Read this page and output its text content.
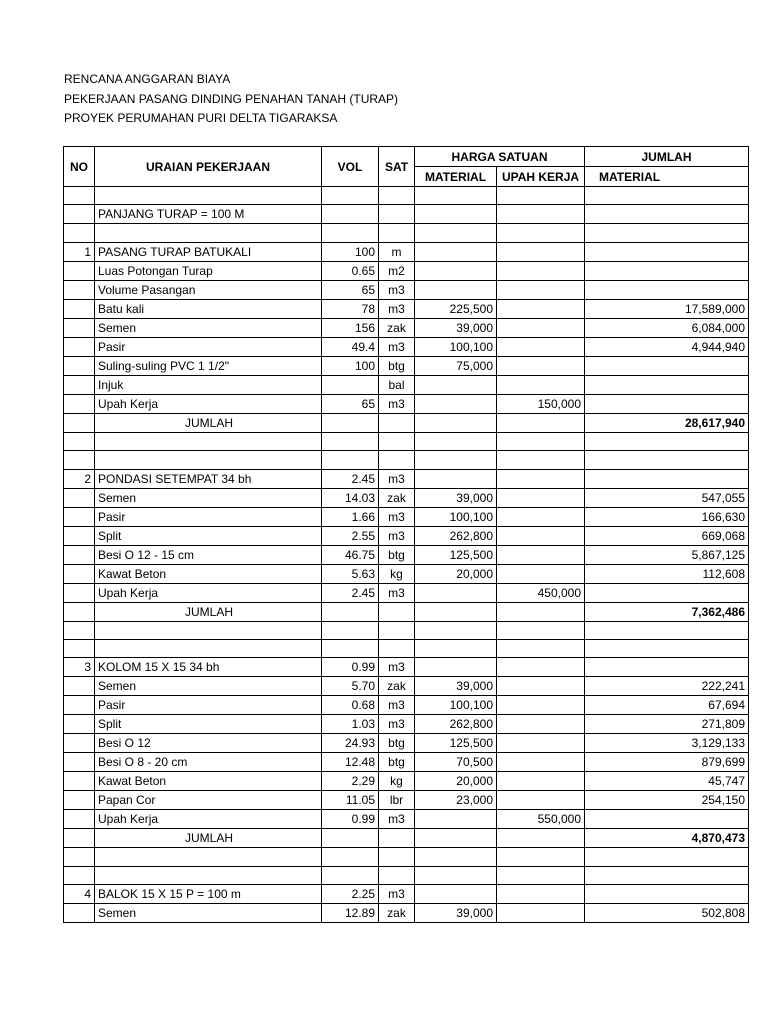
RENCANA ANGGARAN BIAYA
PEKERJAAN PASANG DINDING PENAHAN TANAH (TURAP)
PROYEK PERUMAHAN PURI DELTA TIGARAKSA
NO	URAIAN PEKERJAAN	VOL	SAT	HARGA SATUAN		JUMLAH
				MATERIAL	UPAH KERJA	MATERIAL

	PANJANG TURAP = 100 M					

1	PASANG TURAP BATUKALI	100	m			
	Luas Potongan Turap	0.65	m2			
	Volume Pasangan	65	m3			
	Batu kali	78	m3	225,500		17,589,000
	Semen	156	zak	39,000		6,084,000
	Pasir	49.4	m3	100,100		4,944,940
	Suling-suling PVC 1 1/2"	100	btg	75,000		
	Injuk		bal			
	Upah Kerja	65	m3		150,000	
	JUMLAH					28,617,940

2	PONDASI SETEMPAT 34 bh	2.45	m3			
	Semen	14.03	zak	39,000		547,055
	Pasir	1.66	m3	100,100		166,630
	Split	2.55	m3	262,800		669,068
	Besi O 12 - 15 cm	46.75	btg	125,500		5,867,125
	Kawat Beton	5.63	kg	20,000		112,608
	Upah Kerja	2.45	m3		450,000	
	JUMLAH					7,362,486

3	KOLOM 15 X 15 34 bh	0.99	m3			
	Semen	5.70	zak	39,000		222,241
	Pasir	0.68	m3	100,100		67,694
	Split	1.03	m3	262,800		271,809
	Besi O 12	24.93	btg	125,500		3,129,133
	Besi O 8 - 20 cm	12.48	btg	70,500		879,699
	Kawat Beton	2.29	kg	20,000		45,747
	Papan Cor	11.05	lbr	23,000		254,150
	Upah Kerja	0.99	m3		550,000	
	JUMLAH					4,870,473

4	BALOK 15 X 15 P = 100 m	2.25	m3			
	Semen	12.89	zak	39,000		502,808
